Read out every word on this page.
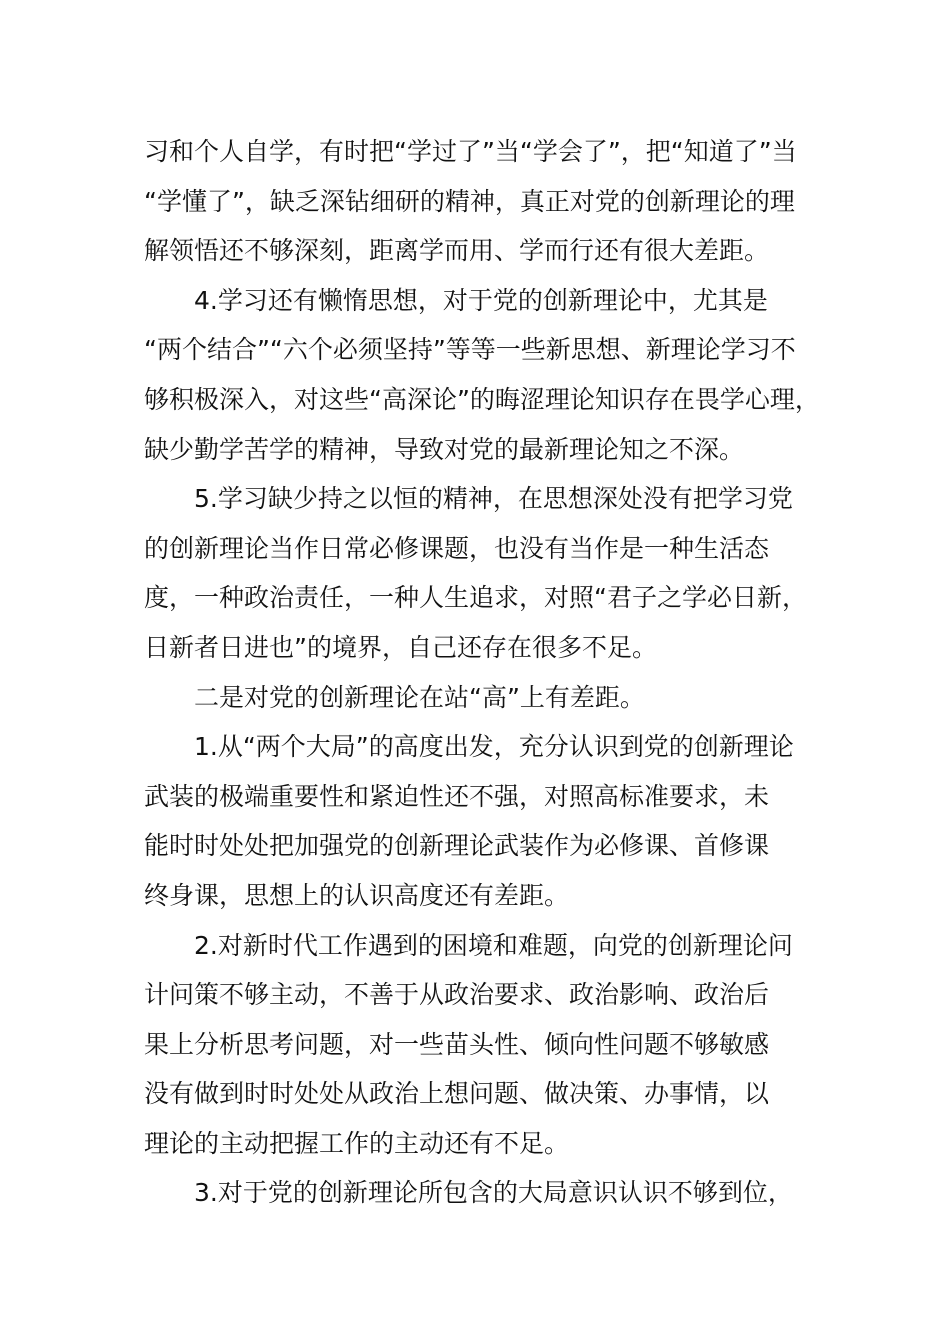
习和个人自学，有时把“学过了”当“学会了”，把“知道了”当
“学懂了”，缺乏深钻细研的精神，真正对党的创新理论的理
解领悟还不够深刻，距离学而用、学而行还有很大差距。

4.学习还有懒惰思想，对于党的创新理论中，尤其是
“两个结合”“六个必须坚持”等等一些新思想、新理论学习不
够积极深入，对这些“高深论”的晦涩理论知识存在畏学心理，
缺少勤学苦学的精神，导致对党的最新理论知之不深。

5.学习缺少持之以恒的精神，在思想深处没有把学习党
的创新理论当作日常必修课题，也没有当作是一种生活态
度，一种政治责任，一种人生追求，对照“君子之学必日新，
日新者日进也”的境界，自己还存在很多不足。

二是对党的创新理论在站“高”上有差距。

1.从“两个大局”的高度出发，充分认识到党的创新理论
武装的极端重要性和紧迫性还不强，对照高标准要求，未
能时时处处把加强党的创新理论武装作为必修课、首修课
终身课，思想上的认识高度还有差距。

2.对新时代工作遇到的困境和难题，向党的创新理论问
计问策不够主动，不善于从政治要求、政治影响、政治后
果上分析思考问题，对一些苗头性、倾向性问题不够敏感
没有做到时时处处从政治上想问题、做决策、办事情，以
理论的主动把握工作的主动还有不足。

3.对于党的创新理论所包含的大局意识认识不够到位，
